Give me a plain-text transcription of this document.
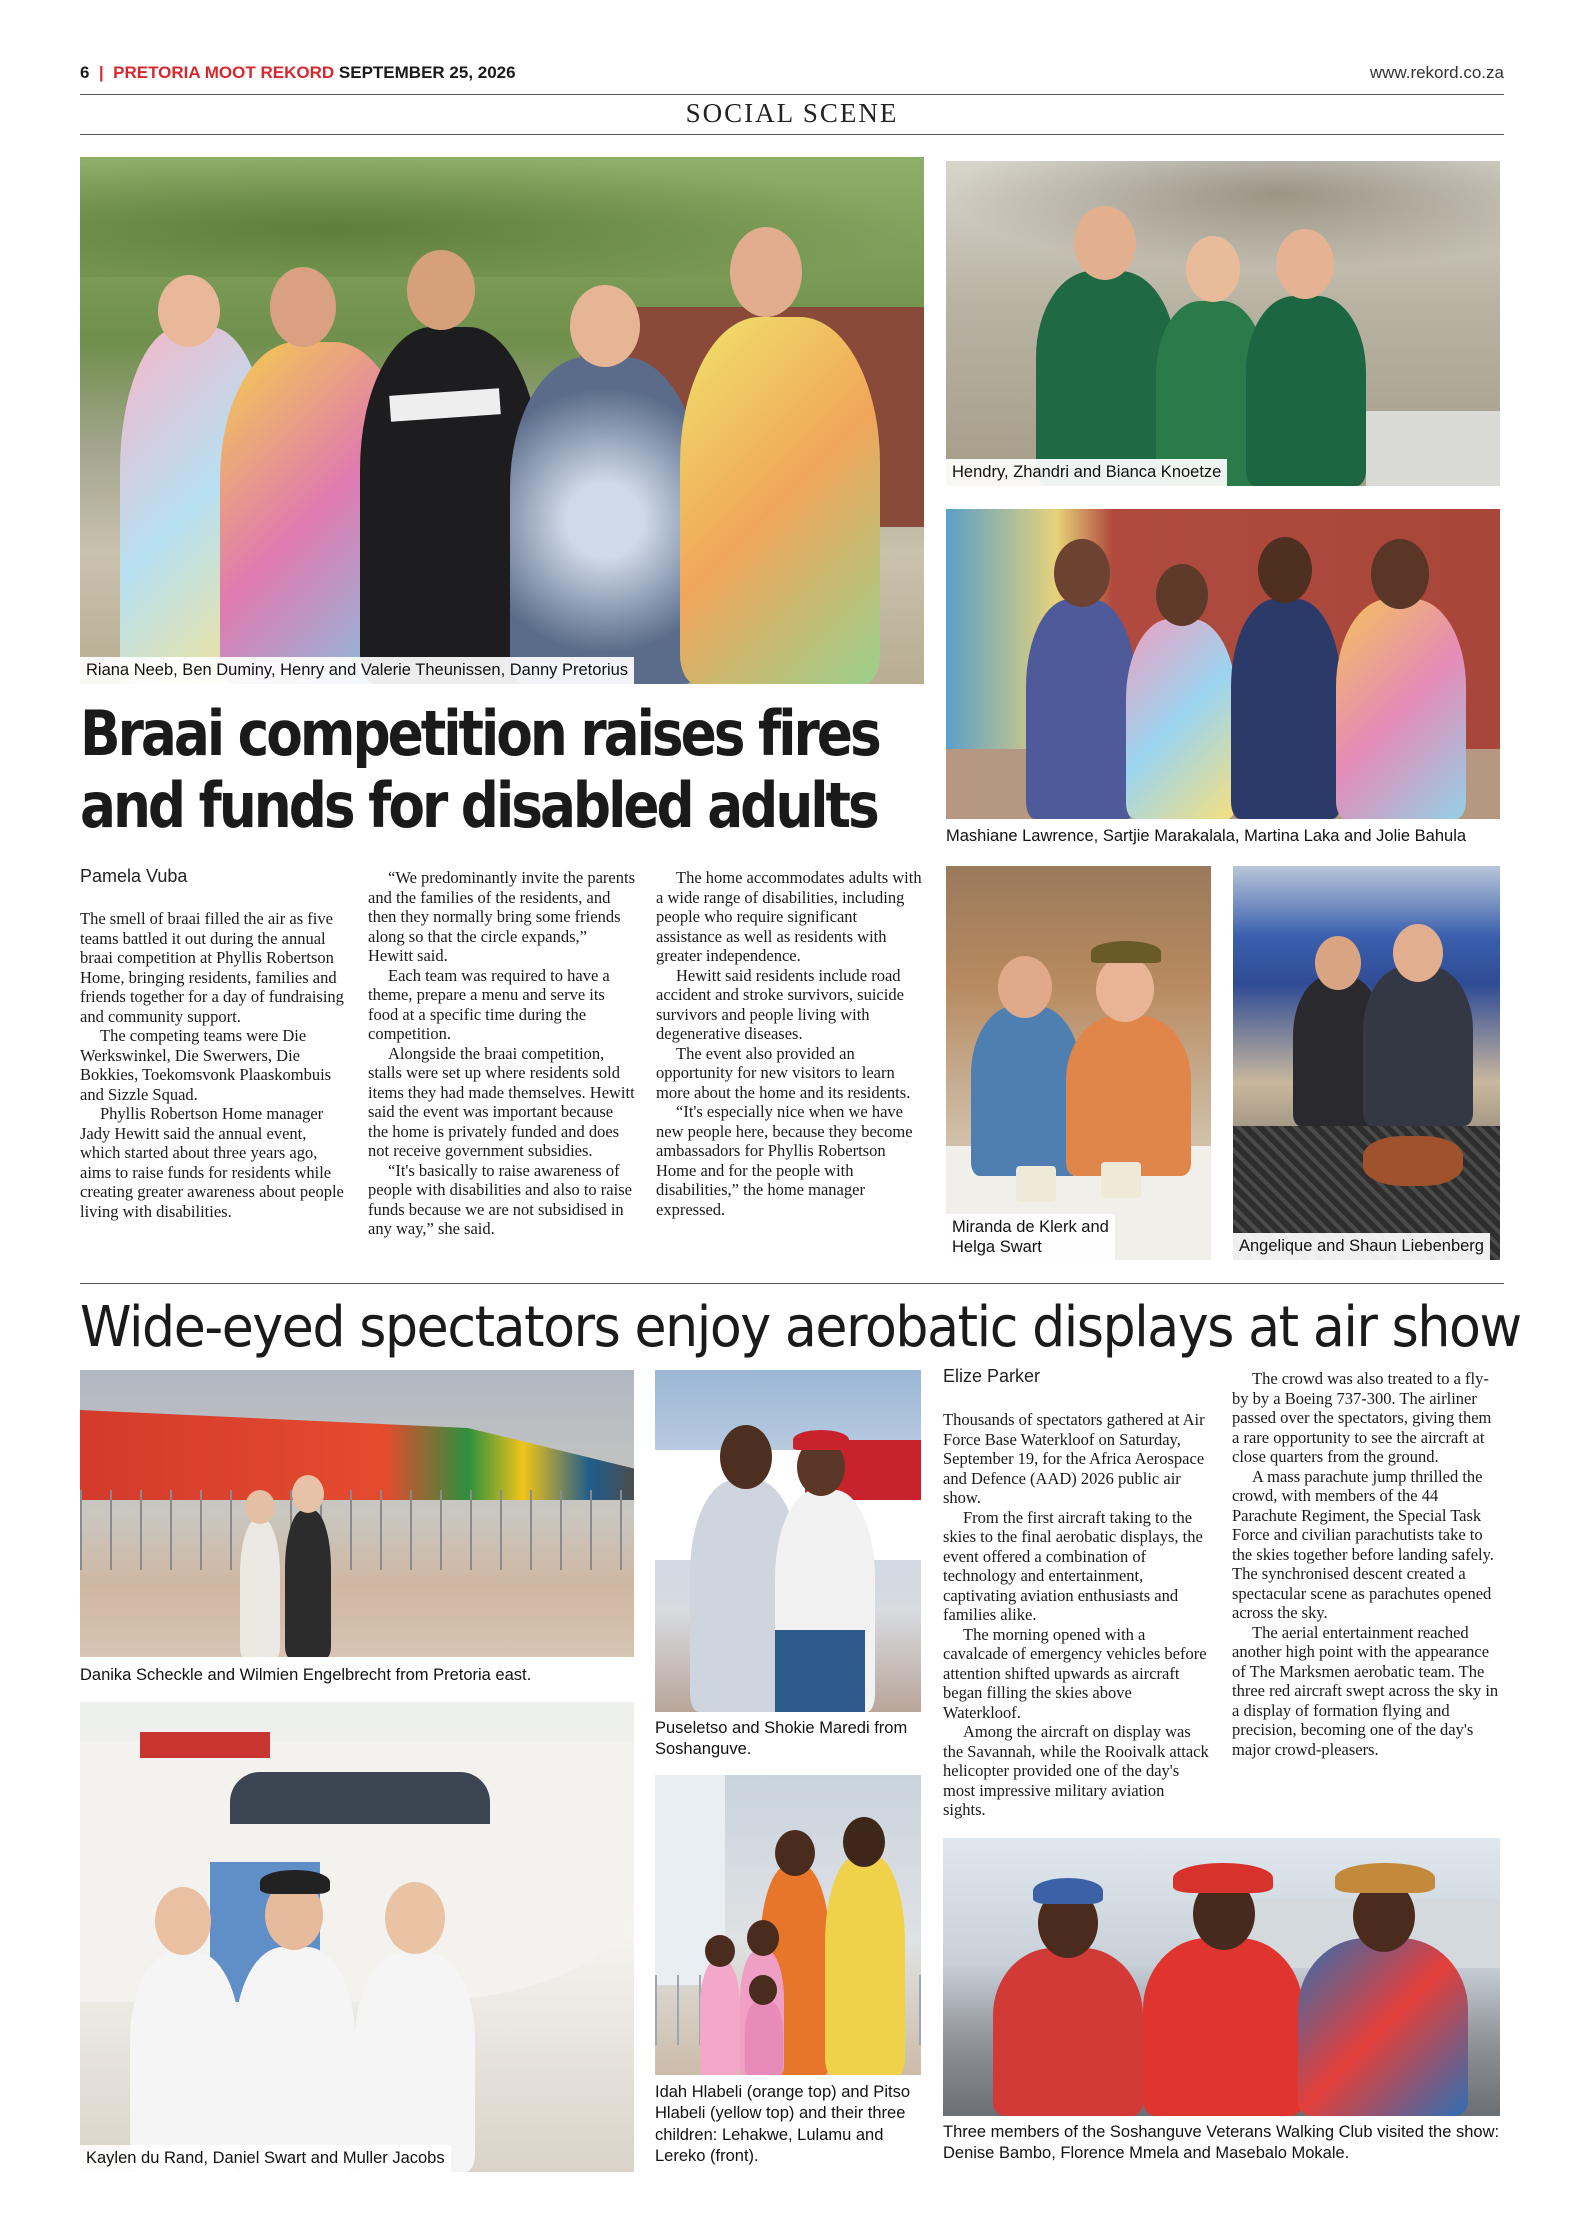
6 | PRETORIA MOOT REKORD SEPTEMBER 25, 2026	www.rekord.co.za
SOCIAL SCENE
Riana Neeb, Ben Duminy, Henry and Valerie Theunissen, Danny Pretorius
Hendry, Zhandri and Bianca Knoetze
Mashiane Lawrence, Sartjie Marakalala, Martina Laka and Jolie Bahula
Miranda de Klerk and
Helga Swart	Angelique and Shaun Liebenberg
Braai competition raises fires
and funds for disabled adults
Pamela Vuba

The smell of braai filled the air as five teams battled it out during the annual braai competition at Phyllis Robertson Home, bringing residents, families and friends together for a day of fundraising and community support.

The competing teams were Die Werkswinkel, Die Swerwers, Die Bokkies, Toekomsvonk Plaaskombuis and Sizzle Squad.

Phyllis Robertson Home manager Jady Hewitt said the annual event, which started about three years ago, aims to raise funds for residents while creating greater awareness about people living with disabilities.

“We predominantly invite the parents and the families of the residents, and then they normally bring some friends along so that the circle expands,” Hewitt said.

Each team was required to have a theme, prepare a menu and serve its food at a specific time during the competition.

Alongside the braai competition, stalls were set up where residents sold items they had made themselves. Hewitt said the event was important because the home is privately funded and does not receive government subsidies.

“It's basically to raise awareness of people with disabilities and also to raise funds because we are not subsidised in any way,” she said.

The home accommodates adults with a wide range of disabilities, including people who require significant assistance as well as residents with greater independence.

Hewitt said residents include road accident and stroke survivors, suicide survivors and people living with degenerative diseases.

The event also provided an opportunity for new visitors to learn more about the home and its residents.

“It's especially nice when we have new people here, because they become ambassadors for Phyllis Robertson Home and for the people with disabilities,” the home manager expressed.

Wide-eyed spectators enjoy aerobatic displays at air show
Danika Scheckle and Wilmien Engelbrecht from Pretoria east.
Kaylen du Rand, Daniel Swart and Muller Jacobs
Puseletso and Shokie Maredi from Soshanguve.
Idah Hlabeli (orange top) and Pitso Hlabeli (yellow top) and their three children: Lehakwe, Lulamu and Lereko (front).
Elize Parker

Thousands of spectators gathered at Air Force Base Waterkloof on Saturday, September 19, for the Africa Aerospace and Defence (AAD) 2026 public air show.

From the first aircraft taking to the skies to the final aerobatic displays, the event offered a combination of technology and entertainment, captivating aviation enthusiasts and families alike.

The morning opened with a cavalcade of emergency vehicles before attention shifted upwards as aircraft began filling the skies above Waterkloof.

Among the aircraft on display was the Savannah, while the Rooivalk attack helicopter provided one of the day's most impressive military aviation sights.

The crowd was also treated to a fly-by by a Boeing 737-300. The airliner passed over the spectators, giving them a rare opportunity to see the aircraft at close quarters from the ground.

A mass parachute jump thrilled the crowd, with members of the 44 Parachute Regiment, the Special Task Force and civilian parachutists take to the skies together before landing safely. The synchronised descent created a spectacular scene as parachutes opened across the sky.

The aerial entertainment reached another high point with the appearance of The Marksmen aerobatic team. The three red aircraft swept across the sky in a display of formation flying and precision, becoming one of the day's major crowd-pleasers.

Three members of the Soshanguve Veterans Walking Club visited the show: Denise Bambo, Florence Mmela and Masebalo Mokale.
